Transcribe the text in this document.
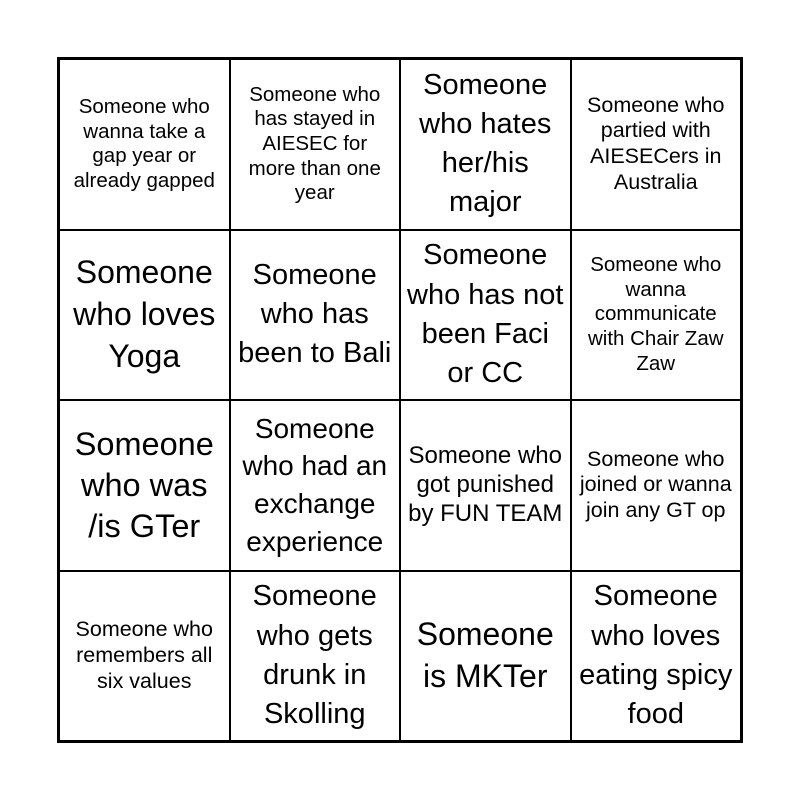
Someone who wanna take a gap year or already gapped
Someone who has stayed in AIESEC for more than one year
Someone who hates her/his major
Someone who partied with AIESECers in Australia
Someone who loves Yoga
Someone who has been to Bali
Someone who has not been Faci or CC
Someone who wanna communicate with Chair Zaw Zaw
Someone who was /is GTer
Someone who had an exchange experience
Someone who got punished by FUN TEAM
Someone who joined or wanna join any GT op
Someone who remembers all six values
Someone who gets drunk in Skolling
Someone is MKTer
Someone who loves eating spicy food
